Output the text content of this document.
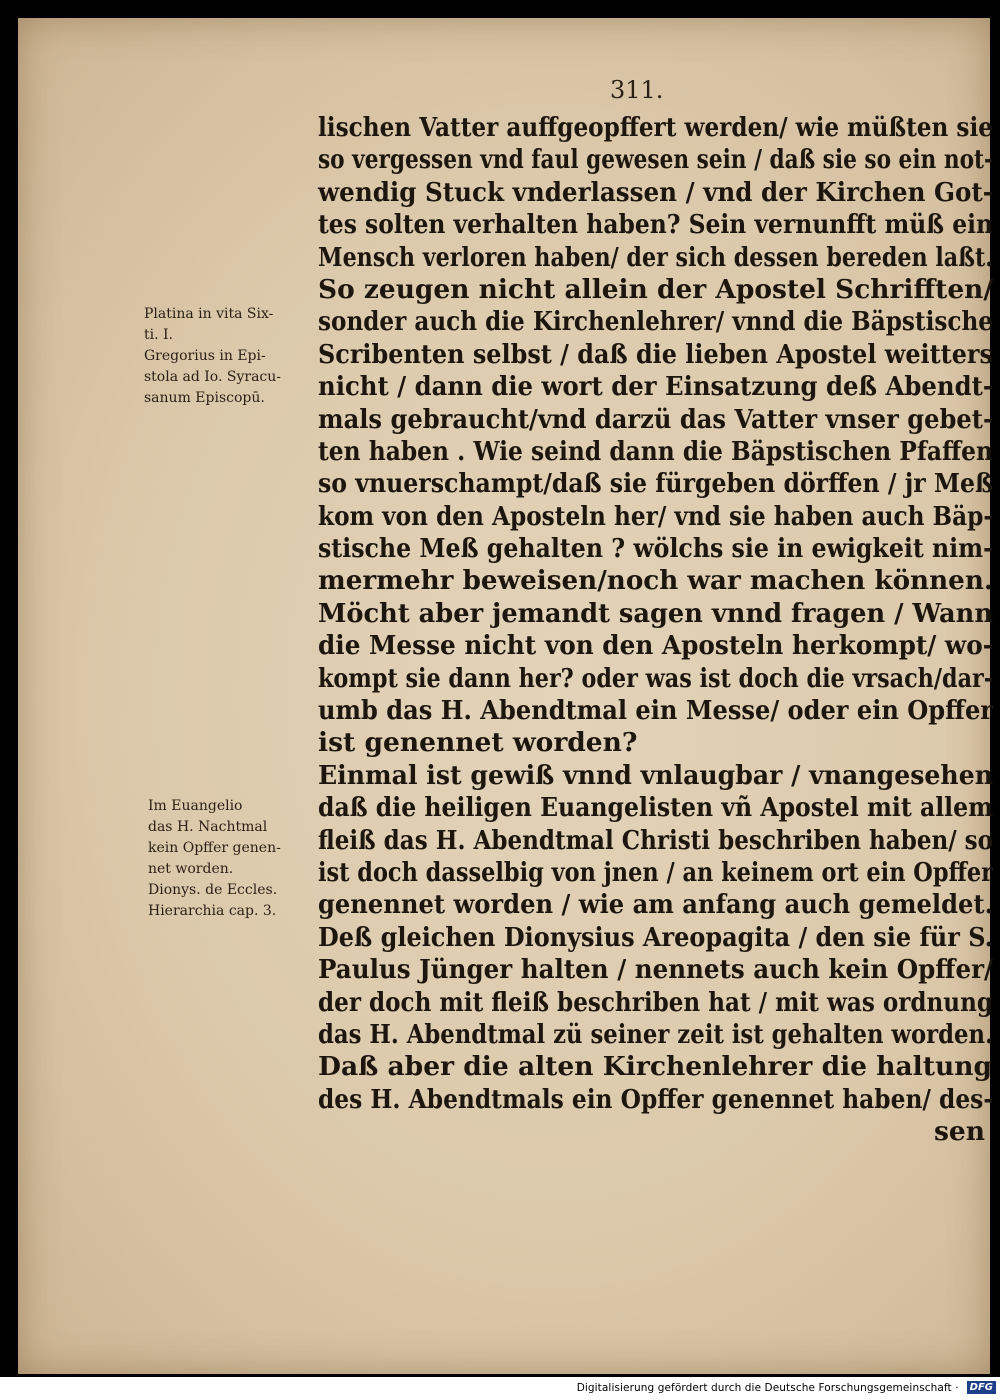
311.
Platina in vita Six-
ti. I.
Gregorius in Epi-
stola ad Io. Syracu-
sanum Episcopū.
Im Euangelio
das H. Nachtmal
kein Opffer genen-
net worden.
Dionys. de Eccles.
Hierarchia cap. 3.
lischen Vatter auffgeopffert werden/ wie müßten sie
so vergessen vnd faul gewesen sein / daß sie so ein not-
wendig Stuck vnderlassen / vnd der Kirchen Got-
tes solten verhalten haben? Sein vernunfft müß ein
Mensch verloren haben/ der sich dessen bereden laßt.
So zeugen nicht allein der Apostel Schrifften/
sonder auch die Kirchenlehrer/ vnnd die Bäpstische
Scribenten selbst / daß die lieben Apostel weitters
nicht / dann die wort der Einsatzung deß Abendt-
mals gebraucht/vnd darzü das Vatter vnser gebet-
ten haben . Wie seind dann die Bäpstischen Pfaffen
so vnuerschampt/daß sie fürgeben dörffen / jr Meß
kom von den Aposteln her/ vnd sie haben auch Bäp-
stische Meß gehalten ? wölchs sie in ewigkeit nim-
mermehr beweisen/noch war machen können.
Möcht aber jemandt sagen vnnd fragen / Wann
die Messe nicht von den Aposteln herkompt/ wo-
kompt sie dann her? oder was ist doch die vrsach/dar-
umb das H. Abendtmal ein Messe/ oder ein Opffer
ist genennet worden?
Einmal ist gewiß vnnd vnlaugbar / vnangesehen
daß die heiligen Euangelisten vñ Apostel mit allem
fleiß das H. Abendtmal Christi beschriben haben/ so
ist doch dasselbig von jnen / an keinem ort ein Opffer
genennet worden / wie am anfang auch gemeldet.
Deß gleichen Dionysius Areopagita / den sie für S.
Paulus Jünger halten / nennets auch kein Opffer/
der doch mit fleiß beschriben hat / mit was ordnung
das H. Abendtmal zü seiner zeit ist gehalten worden.
Daß aber die alten Kirchenlehrer die haltung
des H. Abendtmals ein Opffer genennet haben/ des-
sen
Digitalisierung gefördert durch die Deutsche Forschungsgemeinschaft · DFG
